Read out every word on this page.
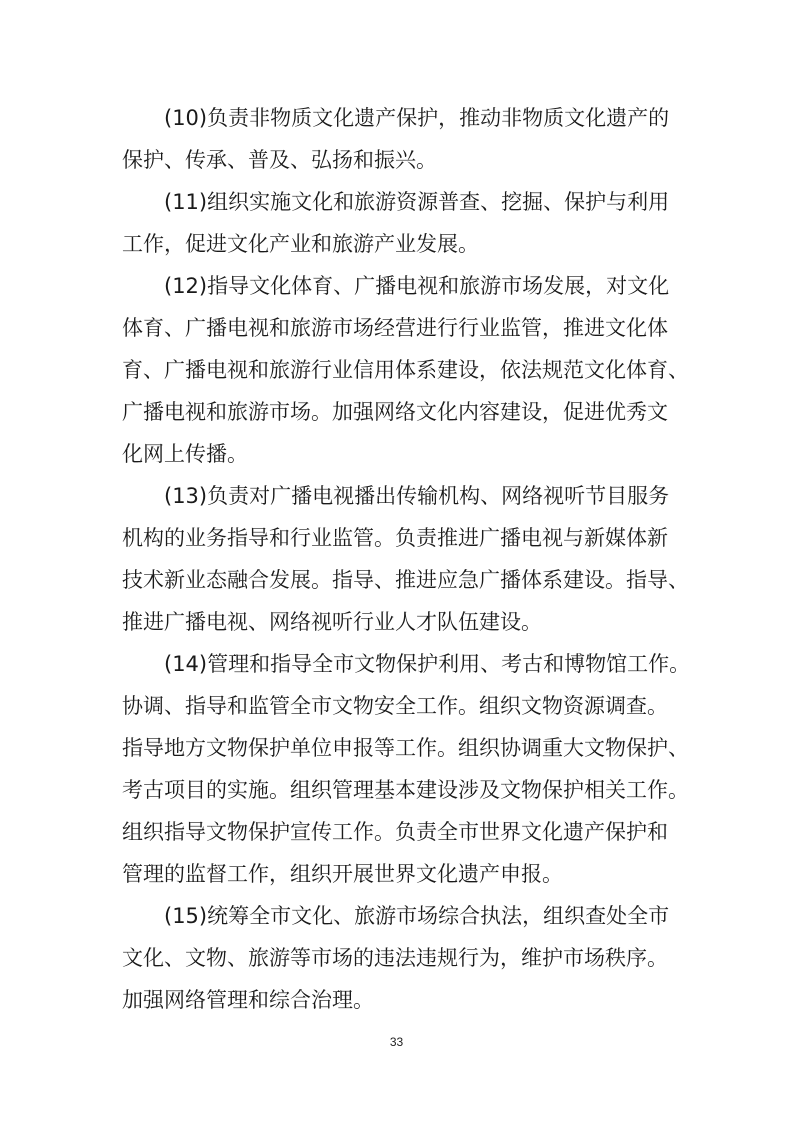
(10)负责非物质文化遗产保护，推动非物质文化遗产的
保护、传承、普及、弘扬和振兴。
(11)组织实施文化和旅游资源普查、挖掘、保护与利用
工作，促进文化产业和旅游产业发展。
(12)指导文化体育、广播电视和旅游市场发展，对文化
体育、广播电视和旅游市场经营进行行业监管，推进文化体
育、广播电视和旅游行业信用体系建设，依法规范文化体育、
广播电视和旅游市场。加强网络文化内容建设，促进优秀文
化网上传播。
(13)负责对广播电视播出传输机构、网络视听节目服务
机构的业务指导和行业监管。负责推进广播电视与新媒体新
技术新业态融合发展。指导、推进应急广播体系建设。指导、
推进广播电视、网络视听行业人才队伍建设。
(14)管理和指导全市文物保护利用、考古和博物馆工作。
协调、指导和监管全市文物安全工作。组织文物资源调查。
指导地方文物保护单位申报等工作。组织协调重大文物保护、
考古项目的实施。组织管理基本建设涉及文物保护相关工作。
组织指导文物保护宣传工作。负责全市世界文化遗产保护和
管理的监督工作，组织开展世界文化遗产申报。
(15)统筹全市文化、旅游市场综合执法，组织查处全市
文化、文物、旅游等市场的违法违规行为，维护市场秩序。
加强网络管理和综合治理。
33
